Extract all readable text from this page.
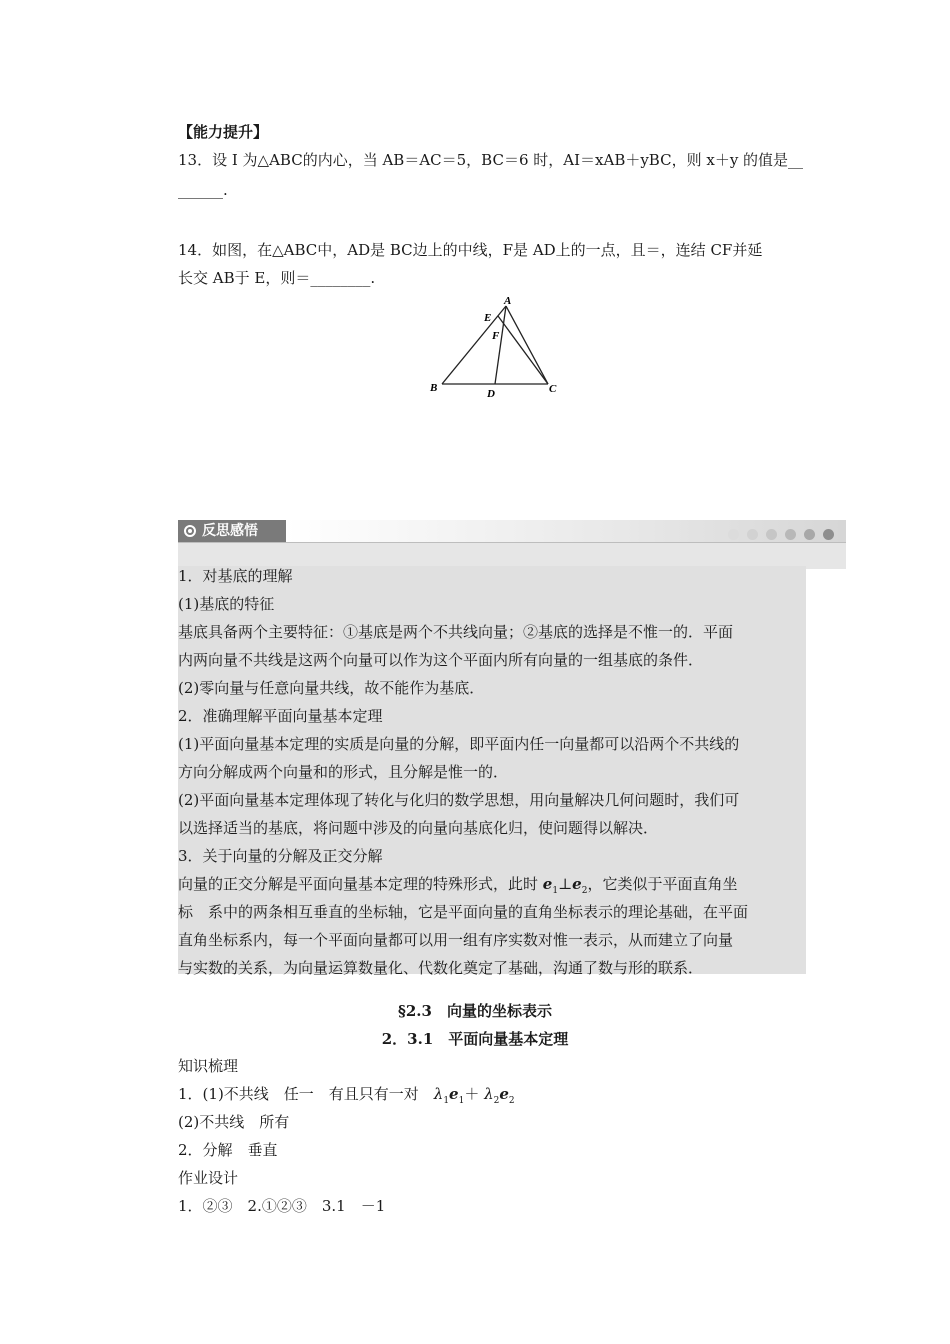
【能力提升】
13．设 I 为△ABC的内心，当 AB＝AC＝5，BC＝6 时，AI＝xAB＋yBC，则 x＋y 的值是__
______.
14．如图，在△ABC中，AD是 BC边上的中线，F是 AD上的一点，且＝，连结 CF并延
长交 AB于 E，则＝________.
A
B	C
D
E
F
反思感悟
1．对基底的理解
(1)基底的特征
基底具备两个主要特征：①基底是两个不共线向量；②基底的选择是不惟一的．平面
内两向量不共线是这两个向量可以作为这个平面内所有向量的一组基底的条件．
(2)零向量与任意向量共线，故不能作为基底．
2．准确理解平面向量基本定理
(1)平面向量基本定理的实质是向量的分解，即平面内任一向量都可以沿两个不共线的
方向分解成两个向量和的形式，且分解是惟一的．
(2)平面向量基本定理体现了转化与化归的数学思想，用向量解决几何问题时，我们可
以选择适当的基底，将问题中涉及的向量向基底化归，使问题得以解决．
3．关于向量的分解及正交分解
向量的正交分解是平面向量基本定理的特殊形式，此时 $e_1\perp e_2$，它类似于平面直角坐
标　系中的两条相互垂直的坐标轴，它是平面向量的直角坐标表示的理论基础，在平面
直角坐标系内，每一个平面向量都可以用一组有序实数对惟一表示，从而建立了向量
与实数的关系，为向量运算数量化、代数化奠定了基础，沟通了数与形的联系．
§2.3　向量的坐标表示
2．3.1　平面向量基本定理
知识梳理
1．(1)不共线　任一　有且只有一对　$\lambda_1e_1+ \lambda_2e_2$
(2)不共线　所有
2．分解　垂直
作业设计
1．②③　2.①②③　3.1　－1
